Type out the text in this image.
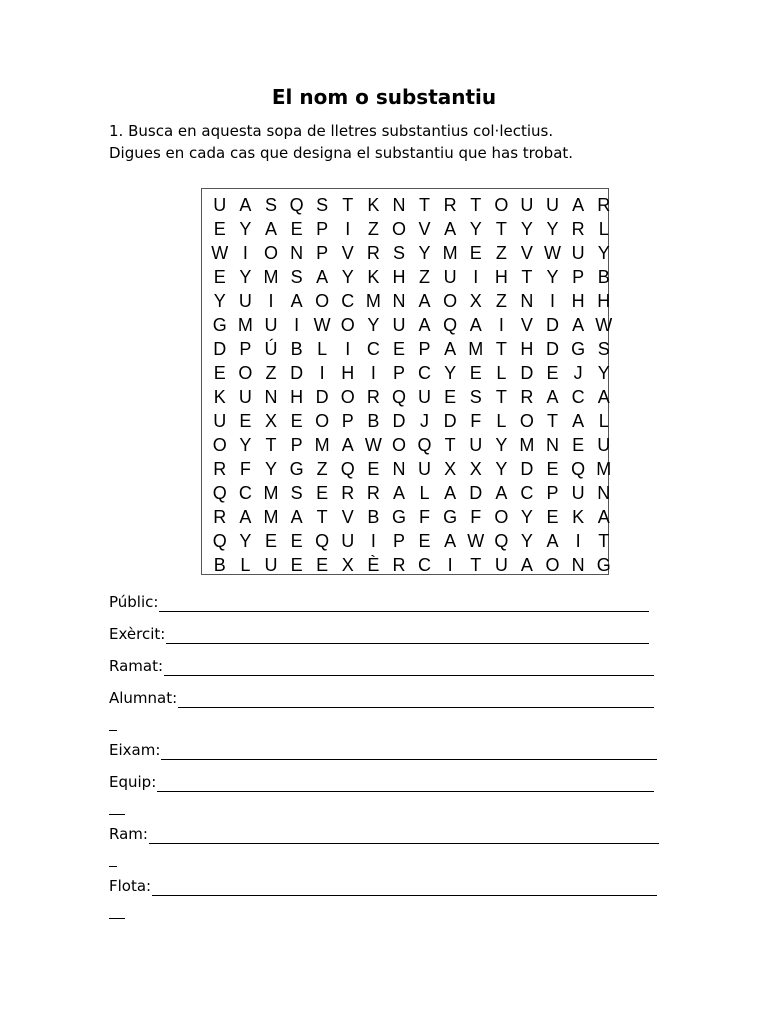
El nom o substantiu
1. Busca en aquesta sopa de lletres substantius col·lectius.
Digues en cada cas que designa el substantiu que has trobat.
U A S Q S T K N T R T O U U A R
E Y A E P I Z O V A Y T Y Y R L
W I O N P V R S Y M E Z V W U Y
E Y M S A Y K H Z U I H T Y P B
Y U I A O C M N A O X Z N I H H
G M U I W O Y U A Q A I V D A W
D P Ú B L	I C E P A M T H D G S
E O Z D I H I P C Y E L D E J Y
K U N H D O R Q U E S T R A C A
U E X E O P B D J D F L O T A L
O Y T P M A W O Q T U Y M N E U
R F Y G Z Q E N U X X Y D E Q M
Q C M S E R R A L A D A C P U N
R A M A T V B G F G F O Y E K A
Q Y E E Q U I P E A W Q Y A I T
B L U E E X È R C I T U A O N G
Públic:
Exèrcit:
Ramat:
Alumnat:
Eixam:
Equip:
Ram:
Flota:
